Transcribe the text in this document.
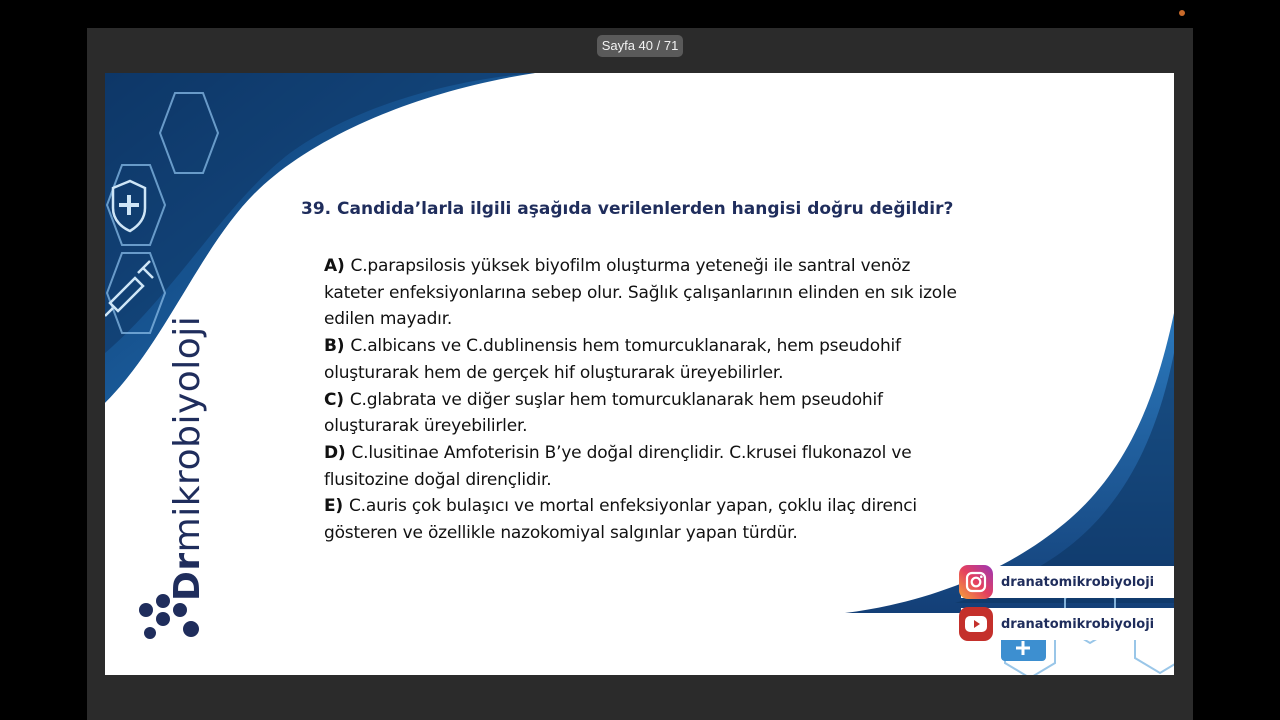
Sayfa 40 / 71
Drmikrobiyoloji
39. Candida’larla ilgili aşağıda verilenlerden hangisi doğru değildir?

A) C.parapsilosis yüksek biyofilm oluşturma yeteneği ile santral venöz kateter enfeksiyonlarına sebep olur. Sağlık çalışanlarının elinden en sık izole edilen mayadır.

B) C.albicans ve C.dublinensis hem tomurcuklanarak, hem pseudohif oluşturarak hem de gerçek hif oluşturarak üreyebilirler.

C) C.glabrata ve diğer suşlar hem tomurcuklanarak hem pseudohif oluşturarak üreyebilirler.

D) C.lusitinae Amfoterisin B’ye doğal dirençlidir. C.krusei flukonazol ve flusitozine doğal dirençlidir.

E) C.auris çok bulaşıcı ve mortal enfeksiyonlar yapan, çoklu ilaç direnci gösteren ve özellikle nazokomiyal salgınlar yapan türdür.

dranatomikrobiyoloji
dranatomikrobiyoloji
